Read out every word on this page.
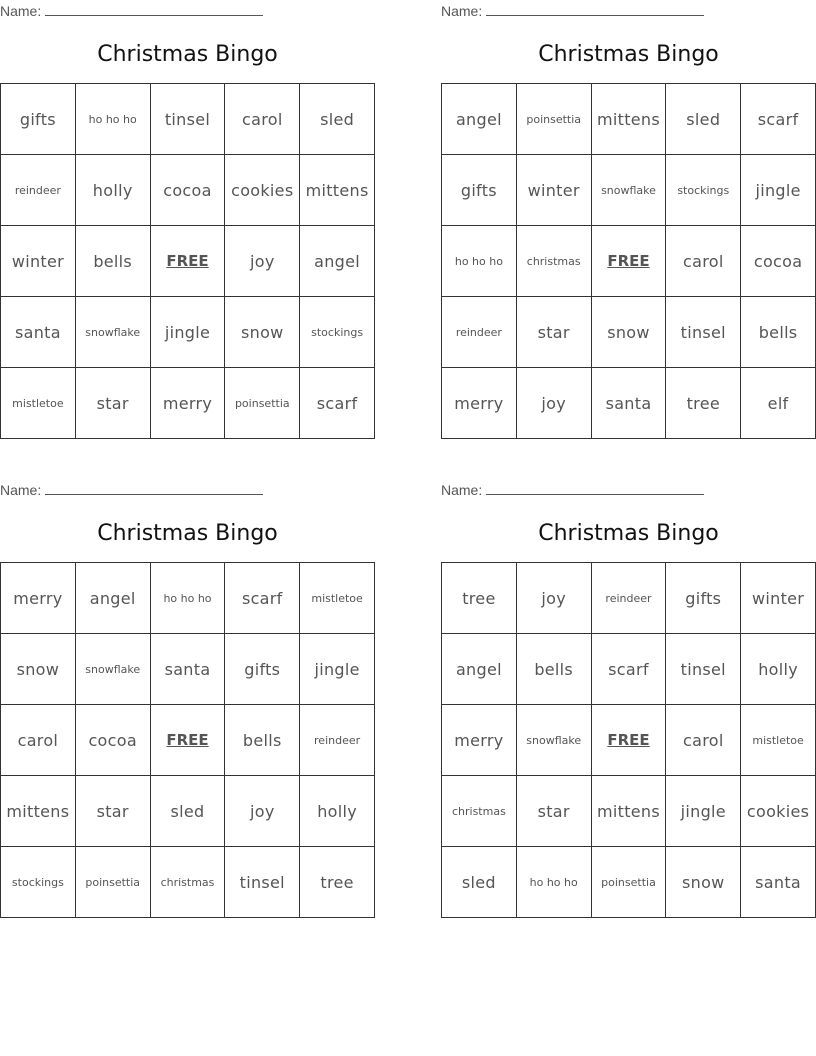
Name:
Christmas Bingo
gifts	ho ho ho	tinsel	carol	sled
reindeer	holly	cocoa	cookies	mittens
winter	bells	FREE	joy	angel
santa	snowflake	jingle	snow	stockings
mistletoe	star	merry	poinsettia	scarf
Name:
Christmas Bingo
angel	poinsettia	mittens	sled	scarf
gifts	winter	snowflake	stockings	jingle
ho ho ho	christmas	FREE	carol	cocoa
reindeer	star	snow	tinsel	bells
merry	joy	santa	tree	elf
Name:
Christmas Bingo
merry	angel	ho ho ho	scarf	mistletoe
snow	snowflake	santa	gifts	jingle
carol	cocoa	FREE	bells	reindeer
mittens	star	sled	joy	holly
stockings	poinsettia	christmas	tinsel	tree
Name:
Christmas Bingo
tree	joy	reindeer	gifts	winter
angel	bells	scarf	tinsel	holly
merry	snowflake	FREE	carol	mistletoe
christmas	star	mittens	jingle	cookies
sled	ho ho ho	poinsettia	snow	santa
